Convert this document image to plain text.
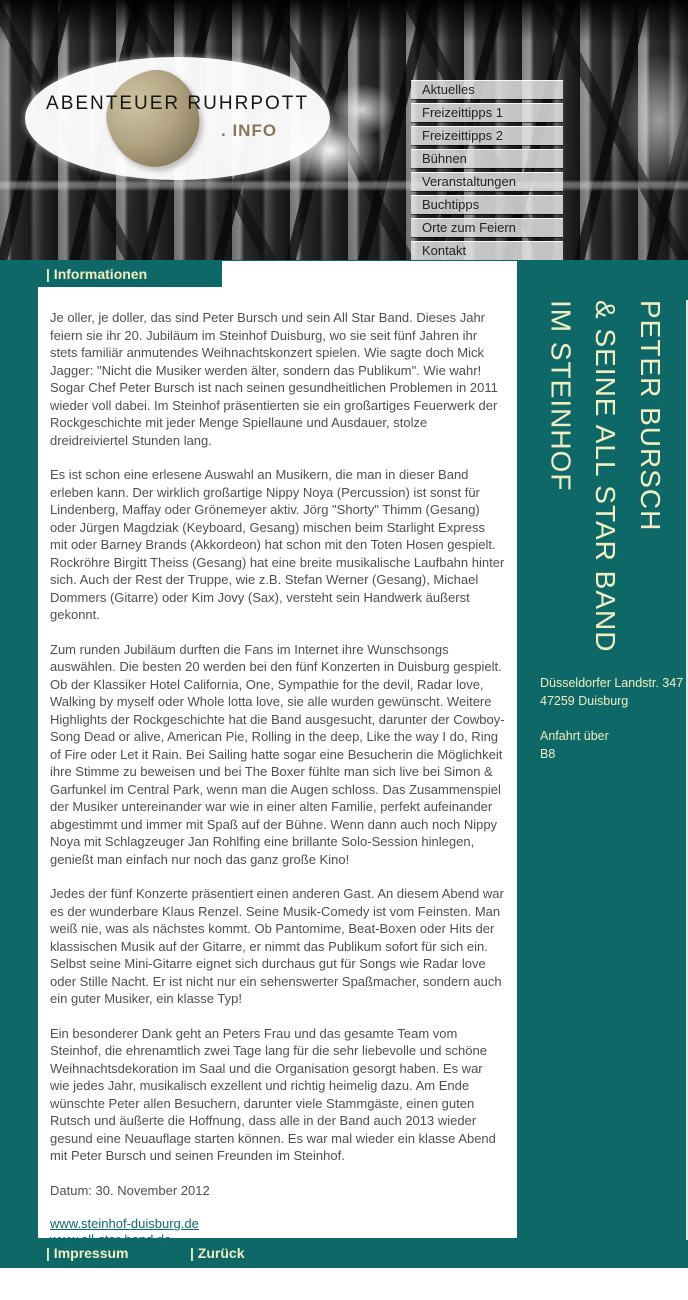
ABENTEUER RUHRPOTT
. INFO
Aktuelles
Freizeittipps 1
Freizeittipps 2
Bühnen
Veranstaltungen
Buchtipps
Orte zum Feiern
Kontakt
| Informationen

Je oller, je doller, das sind Peter Bursch und sein All Star Band. Dieses Jahr feiern sie ihr 20. Jubiläum im Steinhof Duisburg, wo sie seit fünf Jahren ihr stets familiär anmutendes Weihnachtskonzert spielen. Wie sagte doch Mick Jagger: "Nicht die Musiker werden älter, sondern das Publikum". Wie wahr! Sogar Chef Peter Bursch ist nach seinen gesundheitlichen Problemen in 2011 wieder voll dabei. Im Steinhof präsentierten sie ein großartiges Feuerwerk der Rockgeschichte mit jeder Menge Spiellaune und Ausdauer, stolze dreidreiviertel Stunden lang.

Es ist schon eine erlesene Auswahl an Musikern, die man in dieser Band erleben kann. Der wirklich großartige Nippy Noya (Percussion) ist sonst für Lindenberg, Maffay oder Grönemeyer aktiv. Jörg "Shorty" Thimm (Gesang) oder Jürgen Magdziak (Keyboard, Gesang) mischen beim Starlight Express mit oder Barney Brands (Akkordeon) hat schon mit den Toten Hosen gespielt. Rockröhre Birgitt Theiss (Gesang) hat eine breite musikalische Laufbahn hinter sich. Auch der Rest der Truppe, wie z.B. Stefan Werner (Gesang), Michael Dommers (Gitarre) oder Kim Jovy (Sax), versteht sein Handwerk äußerst gekonnt.

Zum runden Jubiläum durften die Fans im Internet ihre Wunschsongs auswählen. Die besten 20 werden bei den fünf Konzerten in Duisburg gespielt. Ob der Klassiker Hotel California, One, Sympathie for the devil, Radar love, Walking by myself oder Whole lotta love, sie alle wurden gewünscht. Weitere Highlights der Rockgeschichte hat die Band ausgesucht, darunter der Cowboy-Song Dead or alive, American Pie, Rolling in the deep, Like the way I do, Ring of Fire oder Let it Rain. Bei Sailing hatte sogar eine Besucherin die Möglichkeit ihre Stimme zu beweisen und bei The Boxer fühlte man sich live bei Simon & Garfunkel im Central Park, wenn man die Augen schloss. Das Zusammenspiel der Musiker untereinander war wie in einer alten Familie, perfekt aufeinander abgestimmt und immer mit Spaß auf der Bühne. Wenn dann auch noch Nippy Noya mit Schlagzeuger Jan Rohlfing eine brillante Solo-Session hinlegen, genießt man einfach nur noch das ganz große Kino!

Jedes der fünf Konzerte präsentiert einen anderen Gast. An diesem Abend war es der wunderbare Klaus Renzel. Seine Musik-Comedy ist vom Feinsten. Man weiß nie, was als nächstes kommt. Ob Pantomime, Beat-Boxen oder Hits der klassischen Musik auf der Gitarre, er nimmt das Publikum sofort für sich ein. Selbst seine Mini-Gitarre eignet sich durchaus gut für Songs wie Radar love oder Stille Nacht. Er ist nicht nur ein sehenswerter Spaßmacher, sondern auch ein guter Musiker, ein klasse Typ!

Ein besonderer Dank geht an Peters Frau und das gesamte Team vom Steinhof, die ehrenamtlich zwei Tage lang für die sehr liebevolle und schöne Weihnachtsdekoration im Saal und die Organisation gesorgt haben. Es war wie jedes Jahr, musikalisch exzellent und richtig heimelig dazu. Am Ende wünschte Peter allen Besuchern, darunter viele Stammgäste, einen guten Rutsch und äußerte die Hoffnung, dass alle in der Band auch 2013 wieder gesund eine Neuauflage starten können. Es war mal wieder ein klasse Abend mit Peter Bursch und seinen Freunden im Steinhof.

Datum: 30. November 2012

www.steinhof-duisburg.de
www.all-star-band.de
PETER BURSCH
& SEINE ALL STAR BAND
IM STEINHOF
Düsseldorfer Landstr. 347
47259 Duisburg
Anfahrt über
B8
| Impressum	| Zurück
